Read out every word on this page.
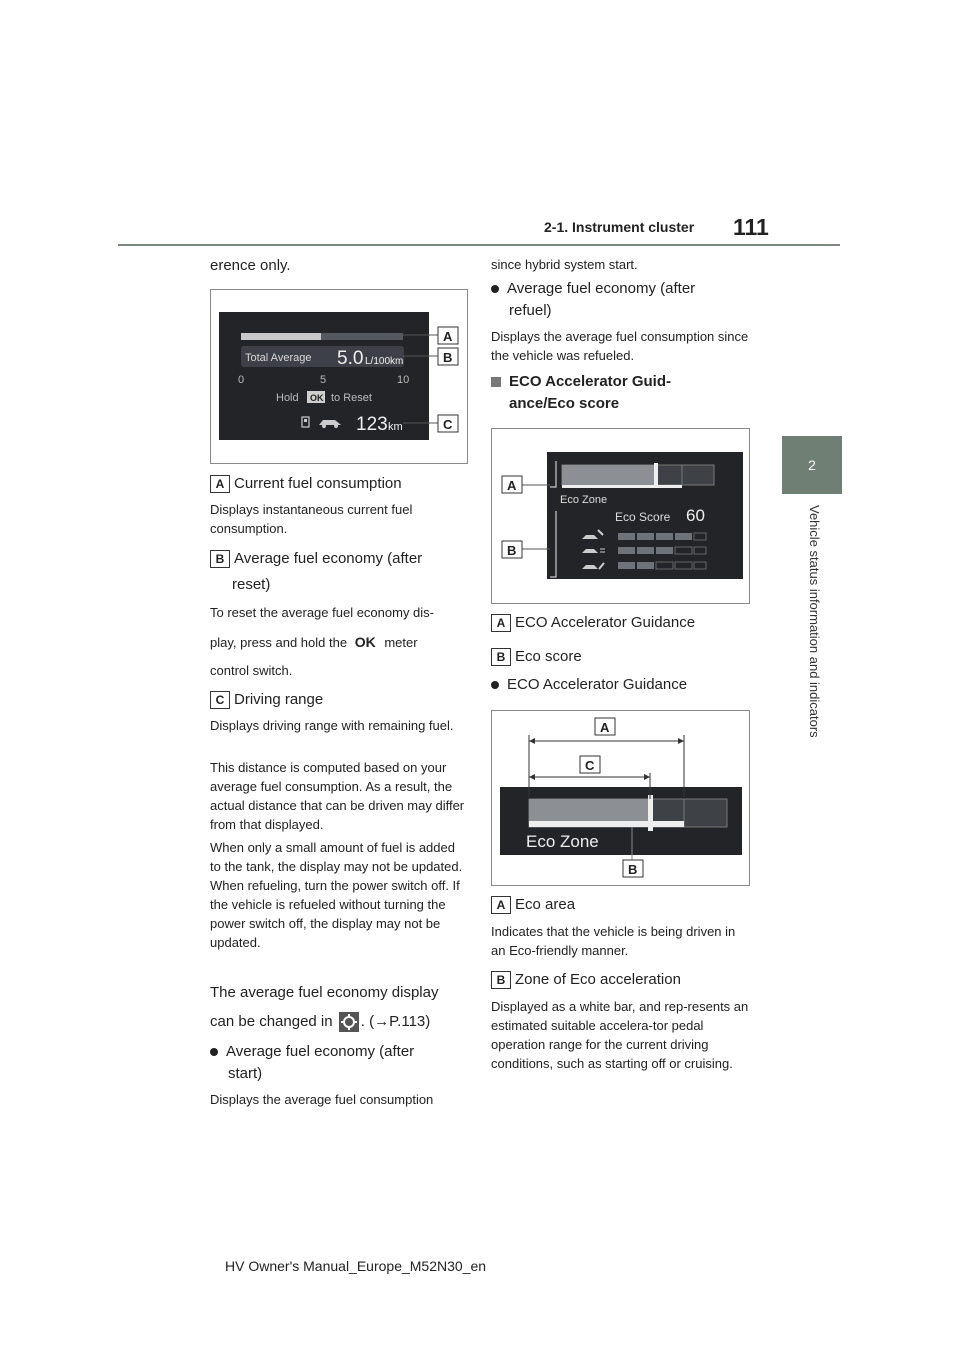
2-1. Instrument cluster 111
2
Vehicle status information and indicators
erence only.
Total Average 5.0 L/100km
0	5	10
Hold OK to Reset
123 km
A
B
C
A Current fuel consumption
Displays instantaneous current fuel consumption.
B Average fuel economy (after
reset)
To reset the average fuel economy dis-
play, press and hold the OK meter
control switch.
C Driving range
Displays driving range with remaining fuel.
This distance is computed based on your average fuel consumption. As a result, the actual distance that can be driven may differ from that displayed.
When only a small amount of fuel is added to the tank, the display may not be updated.
When refueling, turn the power switch off. If the vehicle is refueled without turning the power switch off, the display may not be updated.
The average fuel economy display
can be changed in . (→P.113)
Average fuel economy (after
start)
Displays the average fuel consumption
since hybrid system start.
Average fuel economy (after
refuel)
Displays the average fuel consumption since the vehicle was refueled.
ECO Accelerator Guid-
ance/Eco score
Eco Zone
Eco Score 60
A
B
A ECO Accelerator Guidance
B Eco score
ECO Accelerator Guidance
Eco Zone
A
C
B
A Eco area
Indicates that the vehicle is being driven in an Eco-friendly manner.
B Zone of Eco acceleration
Displayed as a white bar, and rep-resents an estimated suitable accelera-tor pedal operation range for the current driving conditions, such as starting off or cruising.
HV Owner's Manual_Europe_M52N30_en
